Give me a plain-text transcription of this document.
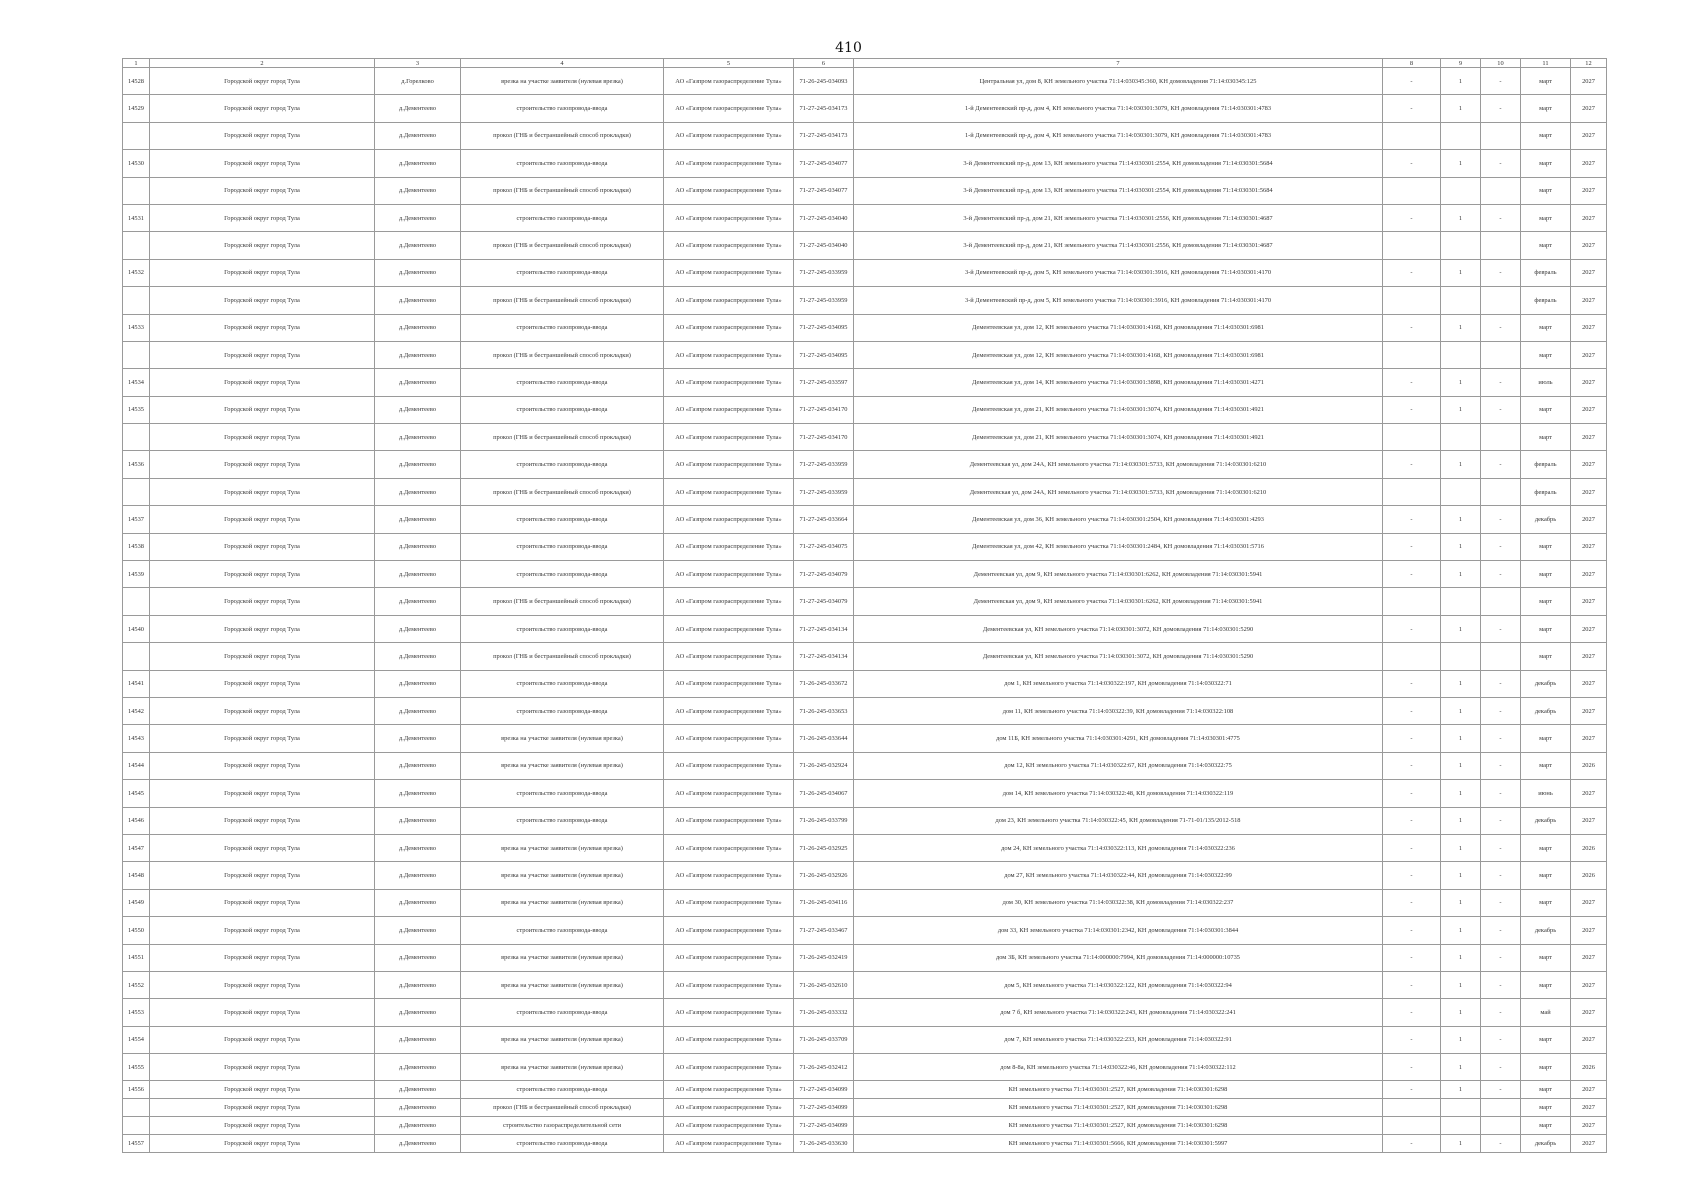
410
1	2	3	4	5	6	7	8	9	10	11	12
14528	Городской округ город Тула	д.Горелково	врезка на участке заявителя (нулевая врезка)	АО «Газпром газораспределение Тула»	71-26-245-034093	Центральная ул, дом 8, КН земельного участка 71:14:030345:360, КН домовладения 71:14:030345:125	-	1	-	март	2027
14529	Городской округ город Тула	д.Дементеево	строительство газопровода-ввода	АО «Газпром газораспределение Тула»	71-27-245-034173	1-й Дементеевский пр-д, дом 4, КН земельного участка 71:14:030301:3079, КН домовладения 71:14:030301:4783	-	1	-	март	2027
	Городской округ город Тула	д.Дементеево	прокол (ГНБ и бестраншейный способ прокладки)	АО «Газпром газораспределение Тула»	71-27-245-034173	1-й Дементеевский пр-д, дом 4, КН земельного участка 71:14:030301:3079, КН домовладения 71:14:030301:4783				март	2027
14530	Городской округ город Тула	д.Дементеево	строительство газопровода-ввода	АО «Газпром газораспределение Тула»	71-27-245-034077	3-й Дементеевский пр-д, дом 13, КН земельного участка 71:14:030301:2554, КН домовладения 71:14:030301:5684	-	1	-	март	2027
	Городской округ город Тула	д.Дементеево	прокол (ГНБ и бестраншейный способ прокладки)	АО «Газпром газораспределение Тула»	71-27-245-034077	3-й Дементеевский пр-д, дом 13, КН земельного участка 71:14:030301:2554, КН домовладения 71:14:030301:5684				март	2027
14531	Городской округ город Тула	д.Дементеево	строительство газопровода-ввода	АО «Газпром газораспределение Тула»	71-27-245-034040	3-й Дементеевский пр-д, дом 21, КН земельного участка 71:14:030301:2556, КН домовладения 71:14:030301:4687	-	1	-	март	2027
	Городской округ город Тула	д.Дементеево	прокол (ГНБ и бестраншейный способ прокладки)	АО «Газпром газораспределение Тула»	71-27-245-034040	3-й Дементеевский пр-д, дом 21, КН земельного участка 71:14:030301:2556, КН домовладения 71:14:030301:4687				март	2027
14532	Городской округ город Тула	д.Дементеево	строительство газопровода-ввода	АО «Газпром газораспределение Тула»	71-27-245-033959	3-й Дементеевский пр-д, дом 5, КН земельного участка 71:14:030301:3916, КН домовладения 71:14:030301:4170	-	1	-	февраль	2027
	Городской округ город Тула	д.Дементеево	прокол (ГНБ и бестраншейный способ прокладки)	АО «Газпром газораспределение Тула»	71-27-245-033959	3-й Дементеевский пр-д, дом 5, КН земельного участка 71:14:030301:3916, КН домовладения 71:14:030301:4170				февраль	2027
14533	Городской округ город Тула	д.Дементеево	строительство газопровода-ввода	АО «Газпром газораспределение Тула»	71-27-245-034095	Дементеевская ул, дом 12, КН земельного участка 71:14:030301:4168, КН домовладения 71:14:030301:6981	-	1	-	март	2027
	Городской округ город Тула	д.Дементеево	прокол (ГНБ и бестраншейный способ прокладки)	АО «Газпром газораспределение Тула»	71-27-245-034095	Дементеевская ул, дом 12, КН земельного участка 71:14:030301:4168, КН домовладения 71:14:030301:6981				март	2027
14534	Городской округ город Тула	д.Дементеево	строительство газопровода-ввода	АО «Газпром газораспределение Тула»	71-27-245-033597	Дементеевская ул, дом 14, КН земельного участка 71:14:030301:3898, КН домовладения 71:14:030301:4271	-	1	-	июль	2027
14535	Городской округ город Тула	д.Дементеево	строительство газопровода-ввода	АО «Газпром газораспределение Тула»	71-27-245-034170	Дементеевская ул, дом 21, КН земельного участка 71:14:030301:3074, КН домовладения 71:14:030301:4921	-	1	-	март	2027
	Городской округ город Тула	д.Дементеево	прокол (ГНБ и бестраншейный способ прокладки)	АО «Газпром газораспределение Тула»	71-27-245-034170	Дементеевская ул, дом 21, КН земельного участка 71:14:030301:3074, КН домовладения 71:14:030301:4921				март	2027
14536	Городской округ город Тула	д.Дементеево	строительство газопровода-ввода	АО «Газпром газораспределение Тула»	71-27-245-033959	Дементеевская ул, дом 24А, КН земельного участка 71:14:030301:5733, КН домовладения 71:14:030301:6210	-	1	-	февраль	2027
	Городской округ город Тула	д.Дементеево	прокол (ГНБ и бестраншейный способ прокладки)	АО «Газпром газораспределение Тула»	71-27-245-033959	Дементеевская ул, дом 24А, КН земельного участка 71:14:030301:5733, КН домовладения 71:14:030301:6210				февраль	2027
14537	Городской округ город Тула	д.Дементеево	строительство газопровода-ввода	АО «Газпром газораспределение Тула»	71-27-245-033664	Дементеевская ул, дом 36, КН земельного участка 71:14:030301:2504, КН домовладения 71:14:030301:4293	-	1	-	декабрь	2027
14538	Городской округ город Тула	д.Дементеево	строительство газопровода-ввода	АО «Газпром газораспределение Тула»	71-27-245-034075	Дементеевская ул, дом 42, КН земельного участка 71:14:030301:2484, КН домовладения 71:14:030301:5716	-	1	-	март	2027
14539	Городской округ город Тула	д.Дементеево	строительство газопровода-ввода	АО «Газпром газораспределение Тула»	71-27-245-034079	Дементеевская ул, дом 9, КН земельного участка 71:14:030301:6262, КН домовладения 71:14:030301:5941	-	1	-	март	2027
	Городской округ город Тула	д.Дементеево	прокол (ГНБ и бестраншейный способ прокладки)	АО «Газпром газораспределение Тула»	71-27-245-034079	Дементеевская ул, дом 9, КН земельного участка 71:14:030301:6262, КН домовладения 71:14:030301:5941				март	2027
14540	Городской округ город Тула	д.Дементеево	строительство газопровода-ввода	АО «Газпром газораспределение Тула»	71-27-245-034134	Дементеевская ул, КН земельного участка 71:14:030301:3072, КН домовладения 71:14:030301:5290	-	1	-	март	2027
	Городской округ город Тула	д.Дементеево	прокол (ГНБ и бестраншейный способ прокладки)	АО «Газпром газораспределение Тула»	71-27-245-034134	Дементеевская ул, КН земельного участка 71:14:030301:3072, КН домовладения 71:14:030301:5290				март	2027
14541	Городской округ город Тула	д.Дементеево	строительство газопровода-ввода	АО «Газпром газораспределение Тула»	71-26-245-033672	дом 1, КН земельного участка 71:14:030322:197, КН домовладения 71:14:030322:71	-	1	-	декабрь	2027
14542	Городской округ город Тула	д.Дементеево	строительство газопровода-ввода	АО «Газпром газораспределение Тула»	71-26-245-033653	дом 11, КН земельного участка 71:14:030322:39, КН домовладения 71:14:030322:108	-	1	-	декабрь	2027
14543	Городской округ город Тула	д.Дементеево	врезка на участке заявителя (нулевая врезка)	АО «Газпром газораспределение Тула»	71-26-245-033644	дом 11Б, КН земельного участка 71:14:030301:4291, КН домовладения 71:14:030301:4775	-	1	-	март	2027
14544	Городской округ город Тула	д.Дементеево	врезка на участке заявителя (нулевая врезка)	АО «Газпром газораспределение Тула»	71-26-245-032924	дом 12, КН земельного участка 71:14:030322:67, КН домовладения 71:14:030322:75	-	1	-	март	2026
14545	Городской округ город Тула	д.Дементеево	строительство газопровода-ввода	АО «Газпром газораспределение Тула»	71-26-245-034067	дом 14, КН земельного участка 71:14:030322:48, КН домовладения 71:14:030322:119	-	1	-	июнь	2027
14546	Городской округ город Тула	д.Дементеево	строительство газопровода-ввода	АО «Газпром газораспределение Тула»	71-26-245-033799	дом 23, КН земельного участка 71:14:030322:45, КН домовладения 71-71-01/135/2012-518	-	1	-	декабрь	2027
14547	Городской округ город Тула	д.Дементеево	врезка на участке заявителя (нулевая врезка)	АО «Газпром газораспределение Тула»	71-26-245-032925	дом 24, КН земельного участка 71:14:030322:113, КН домовладения 71:14:030322:236	-	1	-	март	2026
14548	Городской округ город Тула	д.Дементеево	врезка на участке заявителя (нулевая врезка)	АО «Газпром газораспределение Тула»	71-26-245-032926	дом 27, КН земельного участка 71:14:030322:44, КН домовладения 71:14:030322:99	-	1	-	март	2026
14549	Городской округ город Тула	д.Дементеево	врезка на участке заявителя (нулевая врезка)	АО «Газпром газораспределение Тула»	71-26-245-034116	дом 30, КН земельного участка 71:14:030322:38, КН домовладения 71:14:030322:237	-	1	-	март	2027
14550	Городской округ город Тула	д.Дементеево	строительство газопровода-ввода	АО «Газпром газораспределение Тула»	71-27-245-033467	дом 33, КН земельного участка 71:14:030301:2342, КН домовладения 71:14:030301:3844	-	1	-	декабрь	2027
14551	Городской округ город Тула	д.Дементеево	врезка на участке заявителя (нулевая врезка)	АО «Газпром газораспределение Тула»	71-26-245-032419	дом 3Б, КН земельного участка 71:14:000000:7994, КН домовладения 71:14:000000:10735	-	1	-	март	2027
14552	Городской округ город Тула	д.Дементеево	врезка на участке заявителя (нулевая врезка)	АО «Газпром газораспределение Тула»	71-26-245-032610	дом 5, КН земельного участка 71:14:030322:122, КН домовладения 71:14:030322:94	-	1	-	март	2027
14553	Городской округ город Тула	д.Дементеево	строительство газопровода-ввода	АО «Газпром газораспределение Тула»	71-26-245-033332	дом 7 б, КН земельного участка 71:14:030322:243, КН домовладения 71:14:030322:241	-	1	-	май	2027
14554	Городской округ город Тула	д.Дементеево	врезка на участке заявителя (нулевая врезка)	АО «Газпром газораспределение Тула»	71-26-245-033709	дом 7, КН земельного участка 71:14:030322:233, КН домовладения 71:14:030322:91	-	1	-	март	2027
14555	Городской округ город Тула	д.Дементеево	врезка на участке заявителя (нулевая врезка)	АО «Газпром газораспределение Тула»	71-26-245-032412	дом 8-8а, КН земельного участка 71:14:030322:46, КН домовладения 71:14:030322:112	-	1	-	март	2026
14556	Городской округ город Тула	д.Дементеево	строительство газопровода-ввода	АО «Газпром газораспределение Тула»	71-27-245-034099	КН земельного участка 71:14:030301:2527, КН домовладения 71:14:030301:6298	-	1	-	март	2027
	Городской округ город Тула	д.Дементеево	прокол (ГНБ и бестраншейный способ прокладки)	АО «Газпром газораспределение Тула»	71-27-245-034099	КН земельного участка 71:14:030301:2527, КН домовладения 71:14:030301:6298				март	2027
	Городской округ город Тула	д.Дементеево	строительство газораспределительной сети	АО «Газпром газораспределение Тула»	71-27-245-034099	КН земельного участка 71:14:030301:2527, КН домовладения 71:14:030301:6298				март	2027
14557	Городской округ город Тула	д.Дементеево	строительство газопровода-ввода	АО «Газпром газораспределение Тула»	71-26-245-033630	КН земельного участка 71:14:030301:5666, КН домовладения 71:14:030301:5997	-	1	-	декабрь	2027
